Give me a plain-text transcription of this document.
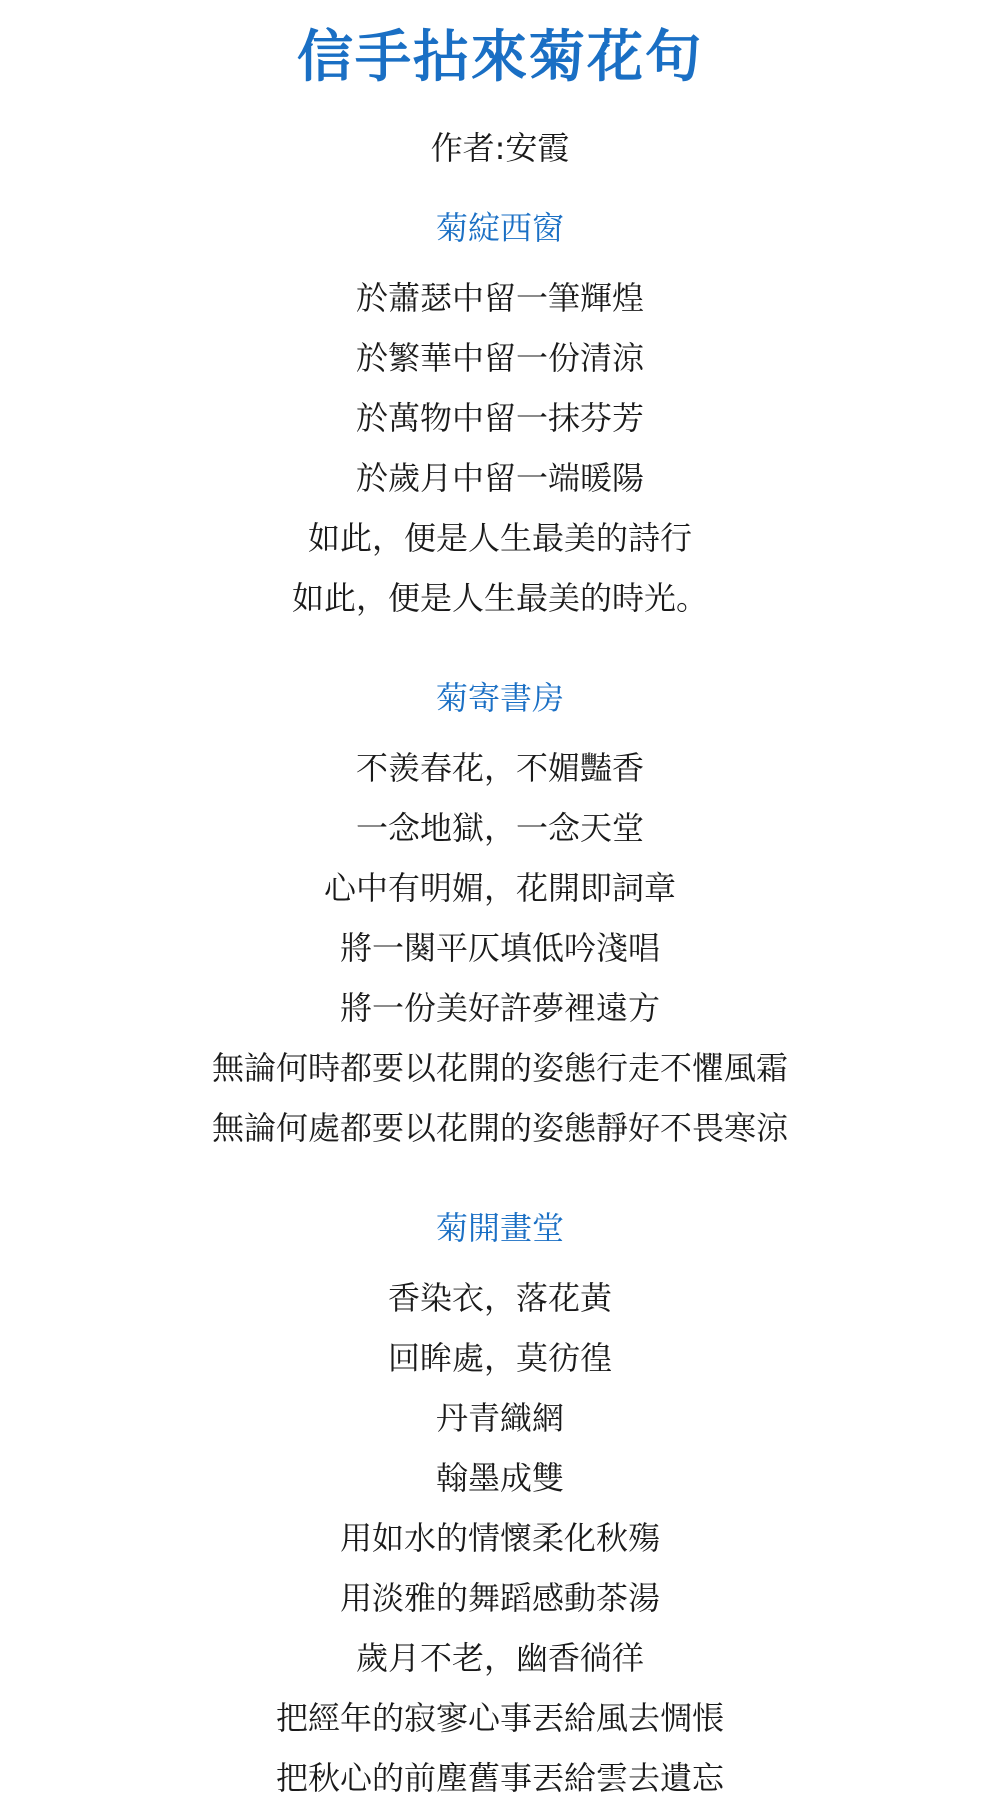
信手拈來菊花句
作者:安霞
菊綻西窗
於蕭瑟中留一筆輝煌
於繁華中留一份清涼
於萬物中留一抹芬芳
於歲月中留一端暖陽
如此，便是人生最美的詩行
如此，便是人生最美的時光。
菊寄書房
不羨春花，不媚豔香
一念地獄，一念天堂
心中有明媚，花開即詞章
將一闋平仄填低吟淺唱
將一份美好許夢裡遠方
無論何時都要以花開的姿態行走不懼風霜
無論何處都要以花開的姿態靜好不畏寒涼
菊開畫堂
香染衣，落花黃
回眸處，莫彷徨
丹青織網
翰墨成雙
用如水的情懷柔化秋殤
用淡雅的舞蹈感動茶湯
歲月不老，幽香徜徉
把經年的寂寥心事丟給風去惆悵
把秋心的前塵舊事丟給雲去遺忘
